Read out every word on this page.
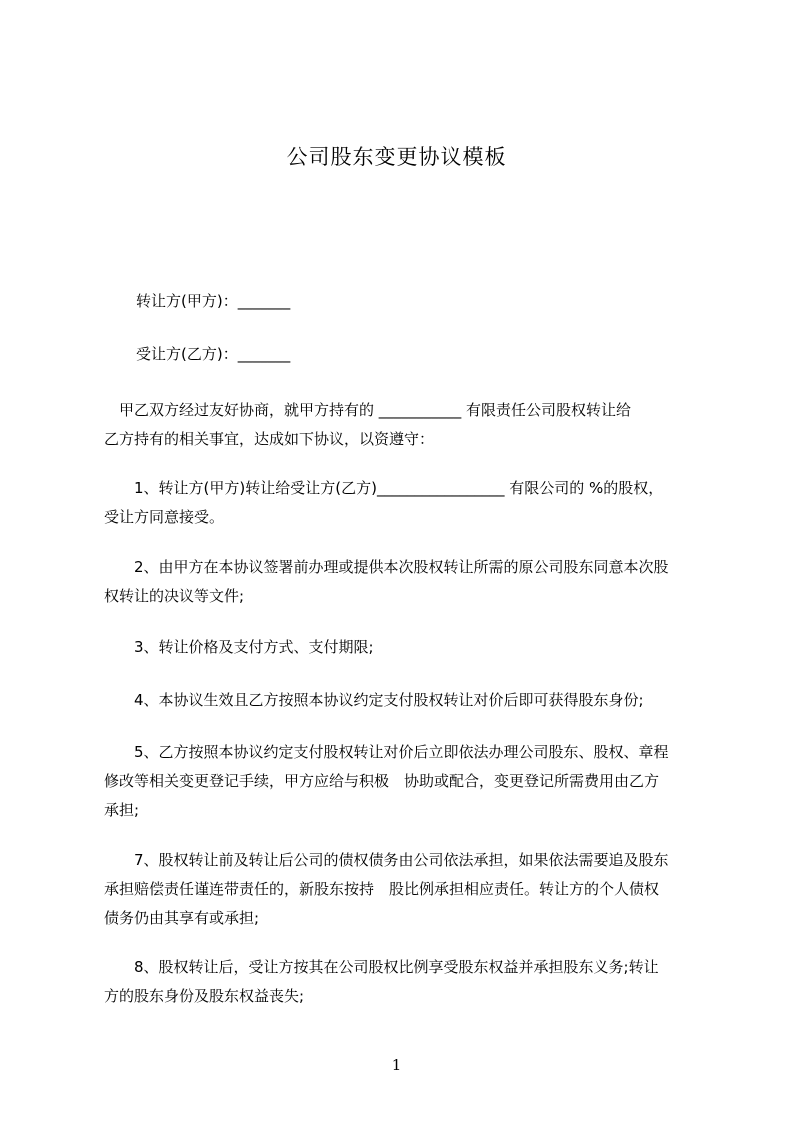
公司股东变更协议模板
转让方(甲方)：_______
受让方(乙方)：_______
　甲乙双方经过友好协商，就甲方持有的 ___________ 有限责任公司股权转让给
乙方持有的相关事宜，达成如下协议，以资遵守：
　　1、转让方(甲方)转让给受让方(乙方)_________________ 有限公司的 %的股权，
受让方同意接受。
　　2、由甲方在本协议签署前办理或提供本次股权转让所需的原公司股东同意本次股
权转让的决议等文件;
　　3、转让价格及支付方式、支付期限;
　　4、本协议生效且乙方按照本协议约定支付股权转让对价后即可获得股东身份;
　　5、乙方按照本协议约定支付股权转让对价后立即依法办理公司股东、股权、章程
修改等相关变更登记手续，甲方应给与积极　协助或配合，变更登记所需费用由乙方
承担;
　　7、股权转让前及转让后公司的债权债务由公司依法承担，如果依法需要追及股东
承担赔偿责任谨连带责任的，新股东按持　股比例承担相应责任。转让方的个人债权
债务仍由其享有或承担;
　　8、股权转让后，受让方按其在公司股权比例享受股东权益并承担股东义务;转让
方的股东身份及股东权益丧失;
1
